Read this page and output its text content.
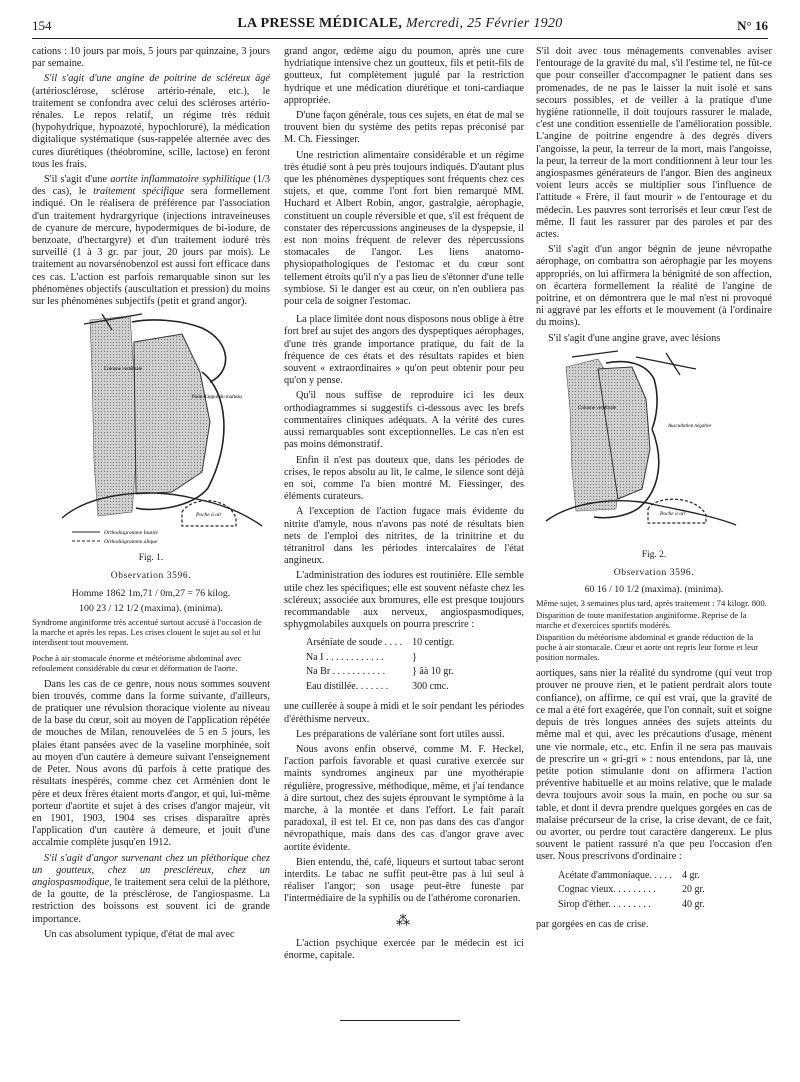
154	LA PRESSE MÉDICALE, Mercredi, 25 Février 1920	N° 16

cations : 10 jours par mois, 5 jours par quinzaine, 3 jours par semaine.

S'il s'agit d'une angine de poitrine de scléreux âgé (artériosclérose, sclérose artério-rénale, etc.), le traitement se confondra avec celui des scléroses artério-rénales. Le repos relatif, un régime très réduit (hypohydrique, hypoazoté, hypochloruré), la médication digitalique systématique (sus-rappelée alternée avec des cures diurétiques (théobromine, scille, lactose) en feront tous les frais.

S'il s'agit d'une aortite inflammatoire syphilitique (1/3 des cas), le traitement spécifique sera formellement indiqué. On le réalisera de préférence par l'association d'un traitement hydrargyrique (injections intraveineuses de cyanure de mercure, hypodermiques de bi-iodure, de benzoate, d'hectargyre) et d'un traitement ioduré très surveillé (1 à 3 gr. par jour, 20 jours par mois). Le traitement au novarsénobenzol est aussi fort efficace dans ces cas. L'action est parfois remarquable sinon sur les phénomènes objectifs (auscultation et pression) du moins sur les phénomènes subjectifs (petit et grand angor).

Colonne vertébrale
Point d'appui du marteau
Poche à air
Orthodiagramme Inutile
Orthodiagramme alique
Fig. 1.
Observation 3596.
Homme 1862 1m,71 / 0m,27 = 76 kilog.
100 23 / 12 1/2 (maxima). (minima).
Syndrome anginiforme très accentué surtout accusé à l'occasion de la marche et après les repas. Les crises clouent le sujet au sol et lui interdisent tout mouvement.
Poche à air stomacale énorme et météorisme abdominal avec refoulement considérable du cœur et déformation de l'aorte.

Dans les cas de ce genre, nous nous sommes souvent bien trouvés, comme dans la forme suivante, d'ailleurs, de pratiquer une révulsion thoracique violente au niveau de la base du cœur, soit au moyen de l'application répétée de mouches de Milan, renouvelées de 5 en 5 jours, les plaies étant pansées avec de la vaseline morphinée, soit au moyen d'un cautère à demeure suivant l'enseignement de Peter. Nous avons dû parfois à cette pratique des résultats inespérés, comme chez cet Arménien dont le père et deux frères étaient morts d'angor, et qui, lui-même porteur d'aortite et sujet à des crises d'angor majeur, vit en 1901, 1903, 1904 ses crises disparaître après l'application d'un cautère à demeure, et jouit d'une accalmie complète jusqu'en 1912.

S'il s'agit d'angor survenant chez un pléthorique chez un goutteux, chez un prescléreux, chez un angiospasmodique, le traitement sera celui de la pléthore, de la goutte, de la présclérose, de l'angiospasme. La restriction des boissons est souvent ici de grande importance.

Un cas absolument typique, d'état de mal avec

grand angor, œdème aigu du poumon, après une cure hydriatique intensive chez un goutteux, fils et petit-fils de goutteux, fut complètement jugulé par la restriction hydrique et une médication diurétique et toni-cardiaque appropriée.

D'une façon générale, tous ces sujets, en état de mal se trouvent bien du système des petits repas préconisé par M. Ch. Fiessinger.

Une restriction alimentaire considérable et un régime très étudié sont à peu près toujours indiqués. D'autant plus que les phénomènes dyspeptiques sont fréquents chez ces sujets, et que, comme l'ont fort bien remarqué MM. Huchard et Albert Robin, angor, gastralgie, aérophagie, constituent un couple réversible et que, s'il est fréquent de constater des répercussions angineuses de la dyspepsie, il est non moins fréquent de relever des répercussions stomacales de l'angor. Les liens anatomo-physiopathologiques de l'estomac et du cœur sont tellement étroits qu'il n'y a pas lieu de s'étonner d'une telle symbiose. Si le danger est au cœur, on n'en oubliera pas pour cela de soigner l'estomac.

La place limitée dont nous disposons nous oblige à être fort bref au sujet des angors des dyspeptiques aérophages, d'une très grande importance pratique, du fait de la fréquence de ces états et des résultats rapides et bien souvent « extraordinaires » qu'on peut obtenir pour peu qu'on y pense.

Qu'il nous suffise de reproduire ici les deux orthodiagrammes si suggestifs ci-dessous avec les brefs commentaires cliniques adéquats. A la vérité des cures aussi remarquables sont exceptionnelles. Le cas n'en est pas moins démonstratif.

Enfin il n'est pas douteux que, dans les périodes de crises, le repos absolu au lit, le calme, le silence sont déjà en soi, comme l'a bien montré M. Fiessinger, des éléments curateurs.

A l'exception de l'action fugace mais évidente du nitrite d'amyle, nous n'avons pas noté de résultats bien nets de l'emploi des nitrites, de la trinitrine et du tétranitrol dans les périodes intercalaires de l'état angineux.

L'administration des iodures est routinière. Elle semble utile chez les spécifiques; elle est souvent néfaste chez les scléreux; associée aux bromures, elle est presque toujours recommandable aux nerveux, angiospasmodiques, sphygmolabiles auxquels on pourra prescrire :

Arséniate de soude . . . .	10 centigr.
Na I . . . . . . . . . . . .	}
Na Br . . . . . . . . . . .	} âà 10 gr.
Eau distillée. . . . . . .	300 cmc.

une cuillerée à soupe à midi et le soir pendant les périodes d'éréthisme nerveux.

Les préparations de valériane sont fort utiles aussi.

Nous avons enfin observé, comme M. F. Heckel, l'action parfois favorable et quasi curative exercée sur maints syndromes angineux par une myothérapie régulière, progressive, méthodique, même, et j'ai tendance à dire surtout, chez des sujets éprouvant le symptôme à la marche, à la montée et dans l'effort. Le fait paraît paradoxal, il est tel. Et ce, non pas dans des cas d'angor névropathique, mais dans des cas d'angor grave avec aortite évidente.

Bien entendu, thé, café, liqueurs et surtout tabac seront interdits. Le tabac ne suffit peut-être pas à lui seul à réaliser l'angor; son usage peut-être funeste par l'intermédiaire de la syphilis ou de l'athérome coronarien.

⁂

L'action psychique exercée par le médecin est ici énorme, capitale.

S'il doit avec tous ménagements convenables aviser l'entourage de la gravité du mal, s'il l'estime tel, ne fût-ce que pour conseiller d'accompagner le patient dans ses promenades, de ne pas le laisser la nuit isolé et sans secours possibles, et de veiller à la pratique d'une hygiène rationnelle, il doit toujours rassurer le malade, c'est une condition essentielle de l'amélioration possible. L'angine de poitrine engendre à des degrés divers l'angoisse, la peur, la terreur de la mort, mais l'angoisse, la peur, la terreur de la mort conditionnent à leur tour les angiospasmes générateurs de l'angor. Bien des angineux voient leurs accès se multiplier sous l'influence de l'attitude « Frère, il faut mourir » de l'entourage et du médecin. Les pauvres sont terrorisés et leur cœur l'est de même. Il faut les rassurer par des paroles et par des actes.

S'il s'agit d'un angor bégnin de jeune névropathe aérophage, on combattra son aérophagie par les moyens appropriés, on lui affirmera la bénignité de son affection, on écartera formellement la réalité de l'angine de poitrine, et on démontrera que le mal n'est ni provoqué ni aggravé par les efforts et le mouvement (à l'ordinaire du moins).

S'il s'agit d'une angine grave, avec lésions

Colonne vertébrale
Auscultation négative
Poche à air
Fig. 2.
Observation 3596.
60 16 / 10 1/2 (maxima). (minima).
Même sujet, 3 semaines plus tard, après traitement : 74 kilogr. 800.
Disparition de toute manifestation anginiforme. Reprise de la marche et d'exercices sportifs modérés.
Disparition du météorisme abdominal et grande réduction de la poche à air stomacale. Cœur et aorte ont repris leur forme et leur position normales.

aortiques, sans nier la réalité du syndrome (qui veut trop prouver ne prouve rien, et le patient perdrait alors toute confiance), on affirme, ce qui est vrai, que la gravité de ce mal a été fort exagérée, que l'on connaît, suit et soigne depuis de très longues années des sujets atteints du même mal et qui, avec les précautions d'usage, mènent une vie normale, etc., etc. Enfin il ne sera pas mauvais de prescrire un « gri-gri » : nous entendons, par là, une petite potion stimulante dont on affirmera l'action préventive habituelle et au moins relative, que le malade devra toujours avoir sous la main, en poche ou sur sa table, et dont il devra prendre quelques gorgées en cas de malaise précurseur de la crise, la crise devant, de ce fait, ou avorter, ou perdre tout caractère dangereux. Le plus souvent le patient rassuré n'a que peu l'occasion d'en user. Nous prescrivons d'ordinaire :

Acétate d'ammoniaque. . . . .	4 gr.
Cognac vieux. . . . . . . . .	20 gr.
Sirop d'éther. . . . . . . . .	40 gr.

par gorgées en cas de crise.
